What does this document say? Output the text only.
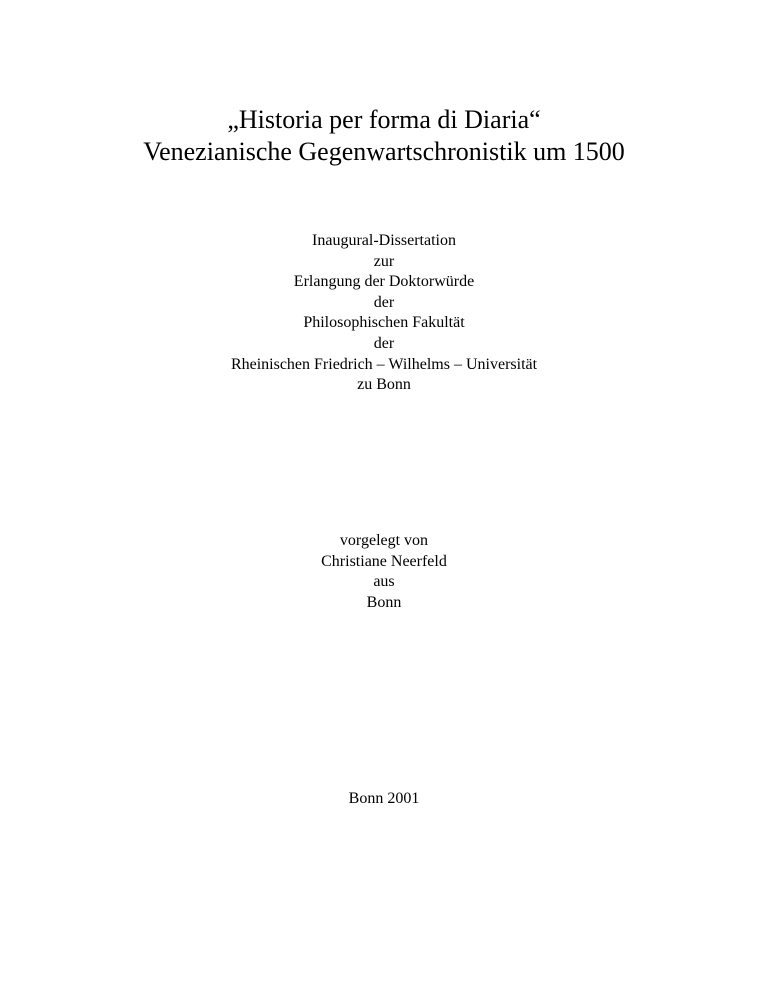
„Historia per forma di Diaria“
Venezianische Gegenwartschronistik um 1500
Inaugural-Dissertation
zur
Erlangung der Doktorwürde
der
Philosophischen Fakultät
der
Rheinischen Friedrich – Wilhelms – Universität
zu Bonn
vorgelegt von
Christiane Neerfeld
aus
Bonn
Bonn 2001
